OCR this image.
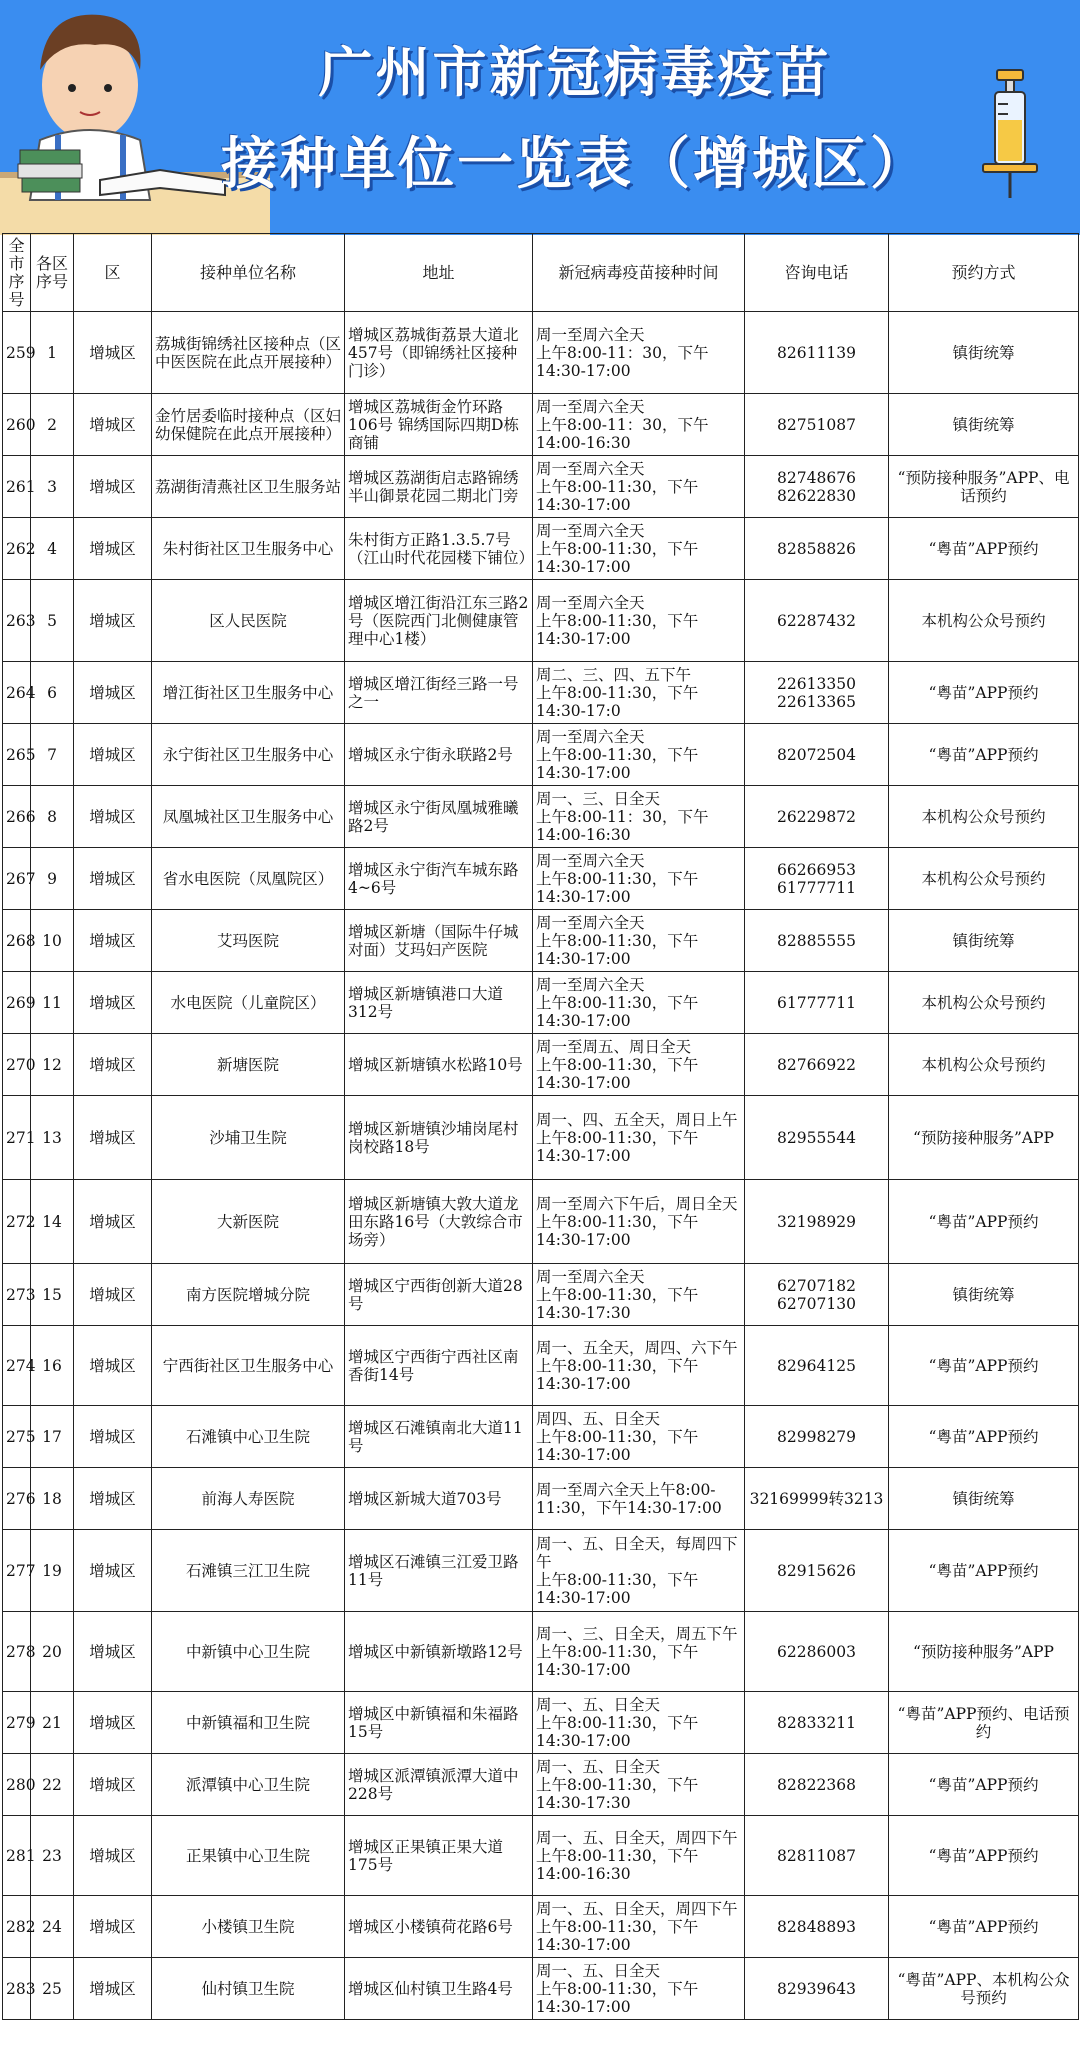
广州市新冠病毒疫苗
接种单位一览表（增城区）
全市序号	各区序号	区	接种单位名称	地址	新冠病毒疫苗接种时间	咨询电话	预约方式
259	1	增城区	荔城街锦绣社区接种点（区中医医院在此点开展接种）	增城区荔城街荔景大道北457号（即锦绣社区接种门诊）	周一至周六全天
上午8:00-11：30，下午14:30-17:00	82611139	镇街统筹
260	2	增城区	金竹居委临时接种点（区妇幼保健院在此点开展接种）	增城区荔城街金竹环路106号 锦绣国际四期D栋商铺	周一至周六全天
上午8:00-11：30，下午14:00-16:30	82751087	镇街统筹
261	3	增城区	荔湖街清燕社区卫生服务站	增城区荔湖街启志路锦绣半山御景花园二期北门旁	周一至周六全天
上午8:00-11:30，下午14:30-17:00	82748676
82622830	“预防接种服务”APP、电话预约
262	4	增城区	朱村街社区卫生服务中心	朱村街方正路1.3.5.7号（江山时代花园楼下铺位）	周一至周六全天
上午8:00-11:30，下午14:30-17:00	82858826	“粤苗”APP预约
263	5	增城区	区人民医院	增城区增江街沿江东三路2号（医院西门北侧健康管理中心1楼）	周一至周六全天
上午8:00-11:30，下午14:30-17:00	62287432	本机构公众号预约
264	6	增城区	增江街社区卫生服务中心	增城区增江街经三路一号之一	周二、三、四、五下午
上午8:00-11:30，下午14:30-17:0	22613350
22613365	“粤苗”APP预约
265	7	增城区	永宁街社区卫生服务中心	增城区永宁街永联路2号	周一至周六全天
上午8:00-11:30，下午14:30-17:00	82072504	“粤苗”APP预约
266	8	增城区	凤凰城社区卫生服务中心	增城区永宁街凤凰城雅曦路2号	周一、三、日全天
上午8:00-11：30，下午14:00-16:30	26229872	本机构公众号预约
267	9	增城区	省水电医院（凤凰院区）	增城区永宁街汽车城东路4~6号	周一至周六全天
上午8:00-11:30，下午14:30-17:00	66266953
61777711	本机构公众号预约
268	10	增城区	艾玛医院	增城区新塘（国际牛仔城对面）艾玛妇产医院	周一至周六全天
上午8:00-11:30，下午14:30-17:00	82885555	镇街统筹
269	11	增城区	水电医院（儿童院区）	增城区新塘镇港口大道312号	周一至周六全天
上午8:00-11:30，下午14:30-17:00	61777711	本机构公众号预约
270	12	增城区	新塘医院	增城区新塘镇水松路10号	周一至周五、周日全天
上午8:00-11:30，下午14:30-17:00	82766922	本机构公众号预约
271	13	增城区	沙埔卫生院	增城区新塘镇沙埔岗尾村岗校路18号	周一、四、五全天，周日上午
上午8:00-11:30，下午14:30-17:00	82955544	“预防接种服务”APP
272	14	增城区	大新医院	增城区新塘镇大敦大道龙田东路16号（大敦综合市场旁）	周一至周六下午后，周日全天
上午8:00-11:30，下午14:30-17:00	32198929	“粤苗”APP预约
273	15	增城区	南方医院增城分院	增城区宁西街创新大道28号	周一至周六全天
上午8:00-11:30，下午14:30-17:30	62707182
62707130	镇街统筹
274	16	增城区	宁西街社区卫生服务中心	增城区宁西街宁西社区南香街14号	周一、五全天，周四、六下午
上午8:00-11:30，下午14:30-17:00	82964125	“粤苗”APP预约
275	17	增城区	石滩镇中心卫生院	增城区石滩镇南北大道11号	周四、五、日全天
上午8:00-11:30，下午14:30-17:00	82998279	“粤苗”APP预约
276	18	增城区	前海人寿医院	增城区新城大道703号	周一至周六全天上午8:00-11:30，下午14:30-17:00	32169999转3213	镇街统筹
277	19	增城区	石滩镇三江卫生院	增城区石滩镇三江爱卫路11号	周一、五、日全天，每周四下午
上午8:00-11:30，下午14:30-17:00	82915626	“粤苗”APP预约
278	20	增城区	中新镇中心卫生院	增城区中新镇新墩路12号	周一、三、日全天，周五下午
上午8:00-11:30，下午14:30-17:00	62286003	“预防接种服务”APP
279	21	增城区	中新镇福和卫生院	增城区中新镇福和朱福路15号	周一、五、日全天
上午8:00-11:30，下午14:30-17:00	82833211	“粤苗”APP预约、电话预约
280	22	增城区	派潭镇中心卫生院	增城区派潭镇派潭大道中228号	周一、五、日全天
上午8:00-11:30，下午14:30-17:30	82822368	“粤苗”APP预约
281	23	增城区	正果镇中心卫生院	增城区正果镇正果大道175号	周一、五、日全天，周四下午
上午8:00-11:30，下午14:00-16:30	82811087	“粤苗”APP预约
282	24	增城区	小楼镇卫生院	增城区小楼镇荷花路6号	周一、五、日全天，周四下午
上午8:00-11:30，下午14:30-17:00	82848893	“粤苗”APP预约
283	25	增城区	仙村镇卫生院	增城区仙村镇卫生路4号	周一、五、日全天
上午8:00-11:30，下午14:30-17:00	82939643	“粤苗”APP、本机构公众号预约
